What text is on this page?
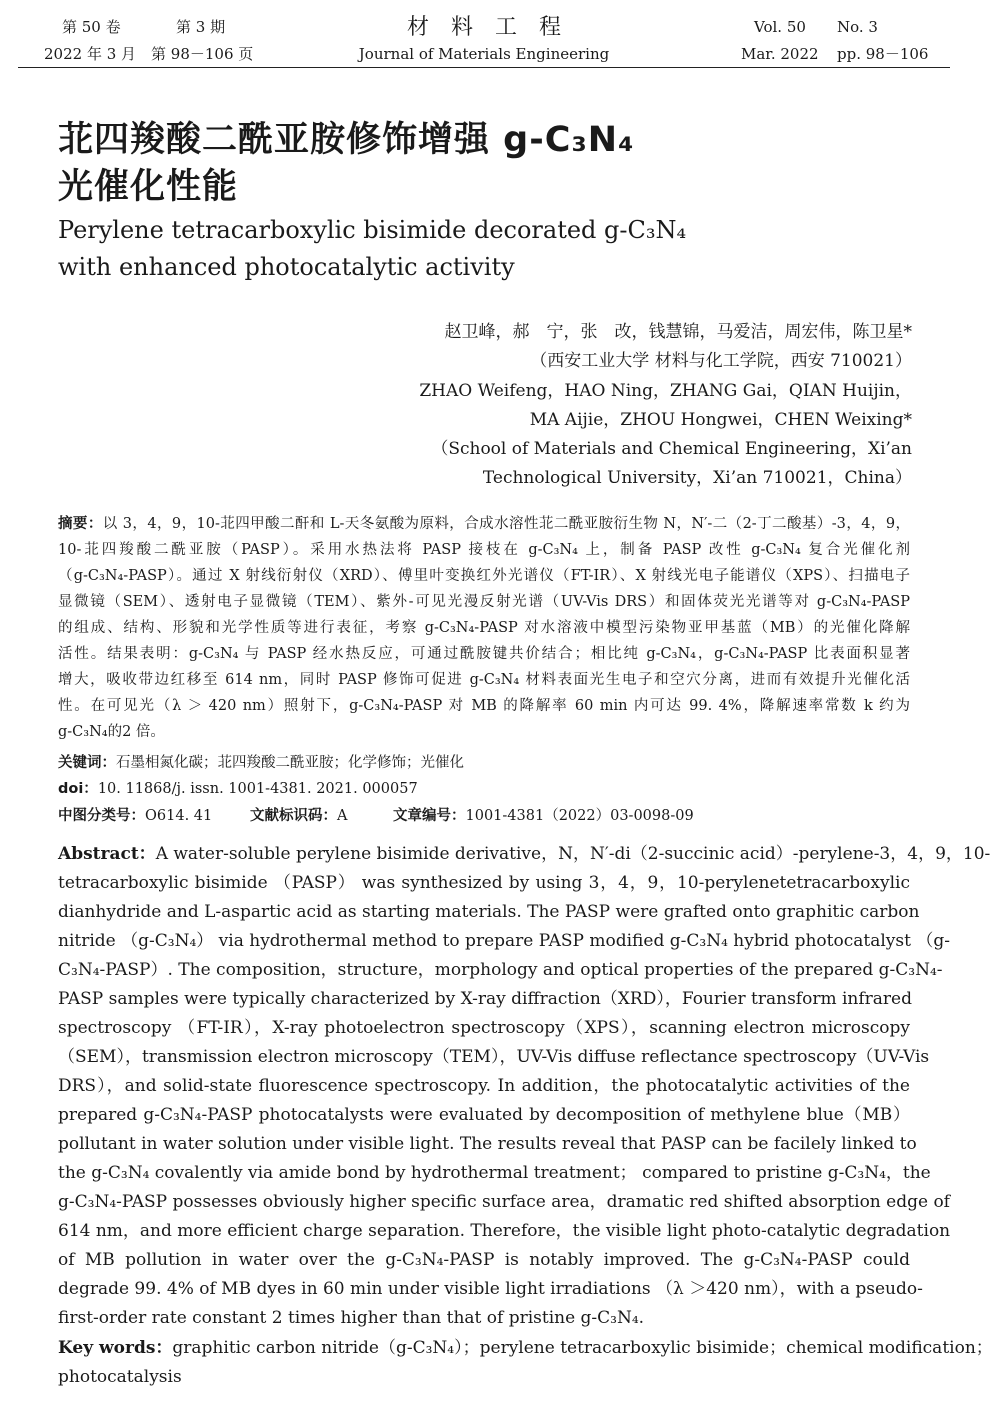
第 50 卷	第 3 期
2022 年 3 月　第 98－106 页
材　料　工　程
Journal of Materials Engineering
Vol. 50 No. 3
Mar. 2022 pp. 98－106
苝四羧酸二酰亚胺修饰增强 g-C₃N₄
光催化性能
Perylene tetracarboxylic bisimide decorated g-C₃N₄
with enhanced photocatalytic activity
赵卫峰，郝　宁，张　改，钱慧锦，马爱洁，周宏伟，陈卫星*
（西安工业大学 材料与化工学院，西安 710021）
ZHAO Weifeng，HAO Ning，ZHANG Gai，QIAN Huijin，
MA Aijie，ZHOU Hongwei，CHEN Weixing*
（School of Materials and Chemical Engineering，Xi’an
Technological University，Xi’an 710021，China）
摘要：以 3，4，9，10-苝四甲酸二酐和 L-天冬氨酸为原料，合成水溶性苝二酰亚胺衍生物 N，N′-二（2-丁二酸基）-3，4，9，
10-苝四羧酸二酰亚胺（PASP）。采用水热法将 PASP 接枝在 g-C₃N₄ 上，制备 PASP 改性 g-C₃N₄ 复合光催化剂
（g-C₃N₄-PASP）。通过 X 射线衍射仪（XRD）、傅里叶变换红外光谱仪（FT-IR）、X 射线光电子能谱仪（XPS）、扫描电子
显微镜（SEM）、透射电子显微镜（TEM）、紫外-可见光漫反射光谱（UV-Vis DRS）和固体荧光光谱等对 g-C₃N₄-PASP
的组成、结构、形貌和光学性质等进行表征，考察 g-C₃N₄-PASP 对水溶液中模型污染物亚甲基蓝（MB）的光催化降解
活性。结果表明：g-C₃N₄ 与 PASP 经水热反应，可通过酰胺键共价结合；相比纯 g-C₃N₄，g-C₃N₄-PASP 比表面积显著
增大，吸收带边红移至 614 nm，同时 PASP 修饰可促进 g-C₃N₄ 材料表面光生电子和空穴分离，进而有效提升光催化活
性。在可见光（λ ＞ 420 nm）照射下，g-C₃N₄-PASP 对 MB 的降解率 60 min 内可达 99. 4%，降解速率常数 k 约为
g-C₃N₄的2 倍。
关键词：石墨相氮化碳；苝四羧酸二酰亚胺；化学修饰；光催化
doi：10. 11868/j. issn. 1001-4381. 2021. 000057
中图分类号：O614. 41	文献标识码：A	文章编号：1001-4381（2022）03-0098-09
Abstract：A water-soluble perylene bisimide derivative，N，N′-di（2-succinic acid）-perylene-3，4，9，10-
tetracarboxylic bisimide （PASP） was synthesized by using 3，4，9，10-perylenetetracarboxylic
dianhydride and L-aspartic acid as starting materials. The PASP were grafted onto graphitic carbon
nitride （g-C₃N₄） via hydrothermal method to prepare PASP modified g-C₃N₄ hybrid photocatalyst （g-
C₃N₄-PASP）. The composition，structure，morphology and optical properties of the prepared g-C₃N₄-
PASP samples were typically characterized by X-ray diffraction（XRD），Fourier transform infrared
spectroscopy （FT-IR），X-ray photoelectron spectroscopy（XPS），scanning electron microscopy
（SEM），transmission electron microscopy（TEM），UV-Vis diffuse reflectance spectroscopy（UV-Vis
DRS），and solid-state fluorescence spectroscopy. In addition，the photocatalytic activities of the
prepared g-C₃N₄-PASP photocatalysts were evaluated by decomposition of methylene blue（MB）
pollutant in water solution under visible light. The results reveal that PASP can be facilely linked to
the g-C₃N₄ covalently via amide bond by hydrothermal treatment； compared to pristine g-C₃N₄，the
g-C₃N₄-PASP possesses obviously higher specific surface area，dramatic red shifted absorption edge of
614 nm，and more efficient charge separation. Therefore，the visible light photo-catalytic degradation
of MB pollution in water over the g-C₃N₄-PASP is notably improved. The g-C₃N₄-PASP could
degrade 99. 4% of MB dyes in 60 min under visible light irradiations （λ ＞420 nm），with a pseudo-
first-order rate constant 2 times higher than that of pristine g-C₃N₄.
Key words：graphitic carbon nitride（g-C₃N₄）；perylene tetracarboxylic bisimide；chemical modification；
photocatalysis
